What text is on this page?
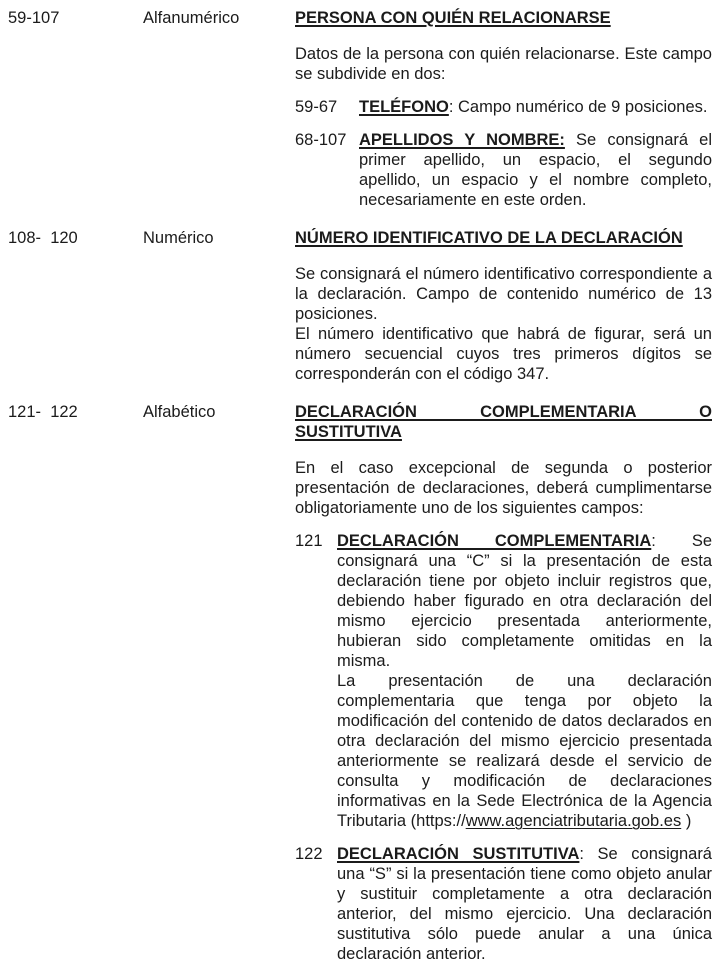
59-107	Alfanumérico	PERSONA CON QUIÉN RELACIONARSE

Datos de la persona con quién relacionarse. Este campo se subdivide en dos:

59-67 TELÉFONO: Campo numérico de 9 posiciones.
68-107 APELLIDOS Y NOMBRE: Se consignará el primer apellido, un espacio, el segundo apellido, un espacio y el nombre completo, necesariamente en este orden.
108-  120	Numérico	NÚMERO IDENTIFICATIVO DE LA DECLARACIÓN

Se consignará el número identificativo correspondiente a la declaración. Campo de contenido numérico de 13 posiciones.

El número identificativo que habrá de figurar, será un número secuencial cuyos tres primeros dígitos se corresponderán con el código 347.

121-  122	Alfabético	DECLARACIÓN COMPLEMENTARIA O
SUSTITUTIVA

En el caso excepcional de segunda o posterior presentación de declaraciones, deberá cumplimentarse obligatoriamente uno de los siguientes campos:

121 DECLARACIÓN COMPLEMENTARIA: Se consignará una “C” si la presentación de esta declaración tiene por objeto incluir registros que, debiendo haber figurado en otra declaración del mismo ejercicio presentada anteriormente, hubieran sido completamente omitidas en la misma.

La presentación de una declaración complementaria que tenga por objeto la modificación del contenido de datos declarados en otra declaración del mismo ejercicio presentada anteriormente se realizará desde el servicio de consulta y modificación de declaraciones informativas en la Sede Electrónica de la Agencia Tributaria (https://www.agenciatributaria.gob.es )

122 DECLARACIÓN SUSTITUTIVA: Se consignará una “S” si la presentación tiene como objeto anular y sustituir completamente a otra declaración anterior, del mismo ejercicio. Una declaración sustitutiva sólo puede anular a una única declaración anterior.
